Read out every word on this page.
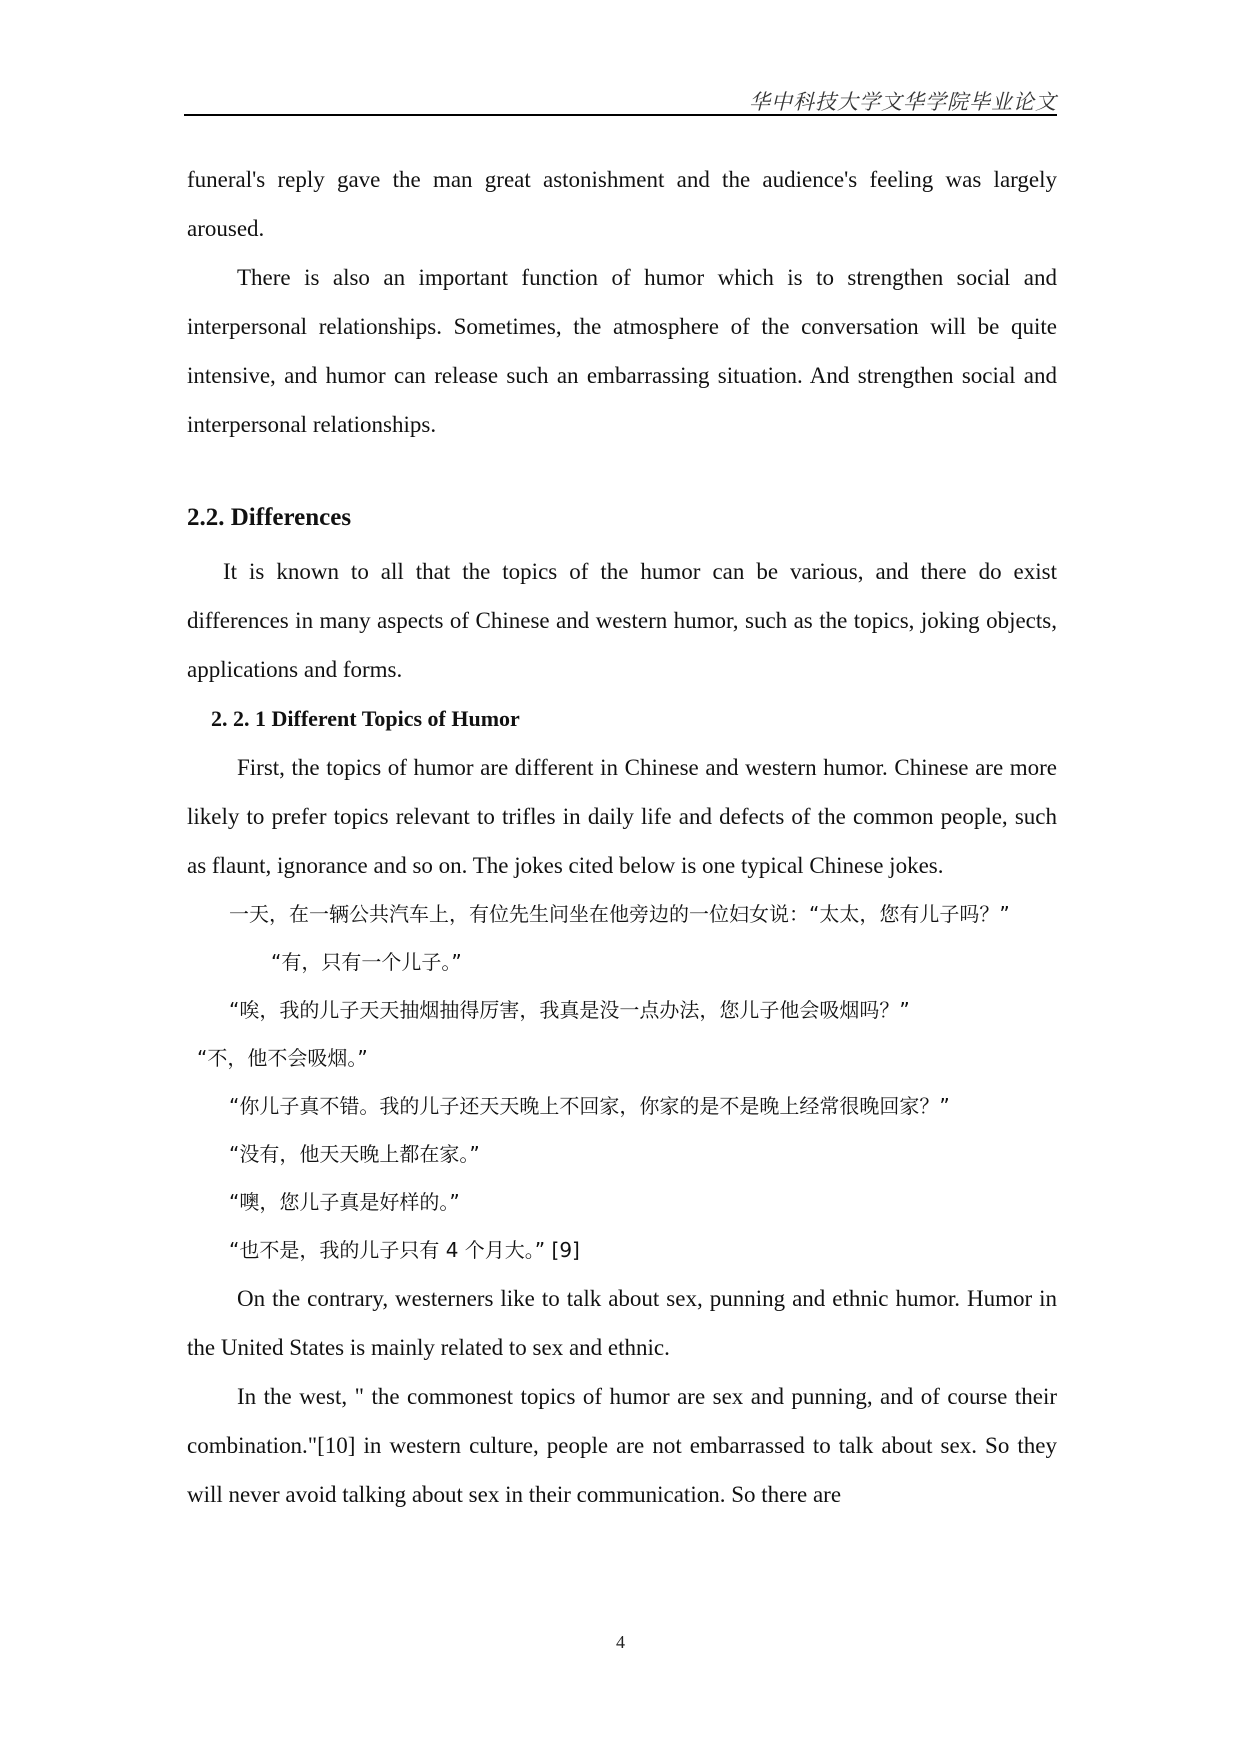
华中科技大学文华学院毕业论文

funeral's reply gave the man great astonishment and the audience's feeling was largely aroused.

There is also an important function of humor which is to strengthen social and interpersonal relationships. Sometimes, the atmosphere of the conversation will be quite intensive, and humor can release such an embarrassing situation. And strengthen social and interpersonal relationships.

2.2. Differences

It is known to all that the topics of the humor can be various, and there do exist differences in many aspects of Chinese and western humor, such as the topics, joking objects, applications and forms.

2. 2. 1 Different Topics of Humor

First, the topics of humor are different in Chinese and western humor. Chinese are more likely to prefer topics relevant to trifles in daily life and defects of the common people, such as flaunt, ignorance and so on. The jokes cited below is one typical Chinese jokes.

一天，在一辆公共汽车上，有位先生问坐在他旁边的一位妇女说：“太太，您有儿子吗？”“有，只有一个儿子。”

“唉，我的儿子天天抽烟抽得厉害，我真是没一点办法，您儿子他会吸烟吗？”

“不，他不会吸烟。”

“你儿子真不错。我的儿子还天天晚上不回家，你家的是不是晚上经常很晚回家？”

“没有，他天天晚上都在家。”

“噢，您儿子真是好样的。”

“也不是，我的儿子只有 4 个月大。” [9]

On the contrary, westerners like to talk about sex, punning and ethnic humor. Humor in the United States is mainly related to sex and ethnic.

In the west, " the commonest topics of humor are sex and punning, and of course their combination."[10] in western culture, people are not embarrassed to talk about sex. So they will never avoid talking about sex in their communication. So there are

4
